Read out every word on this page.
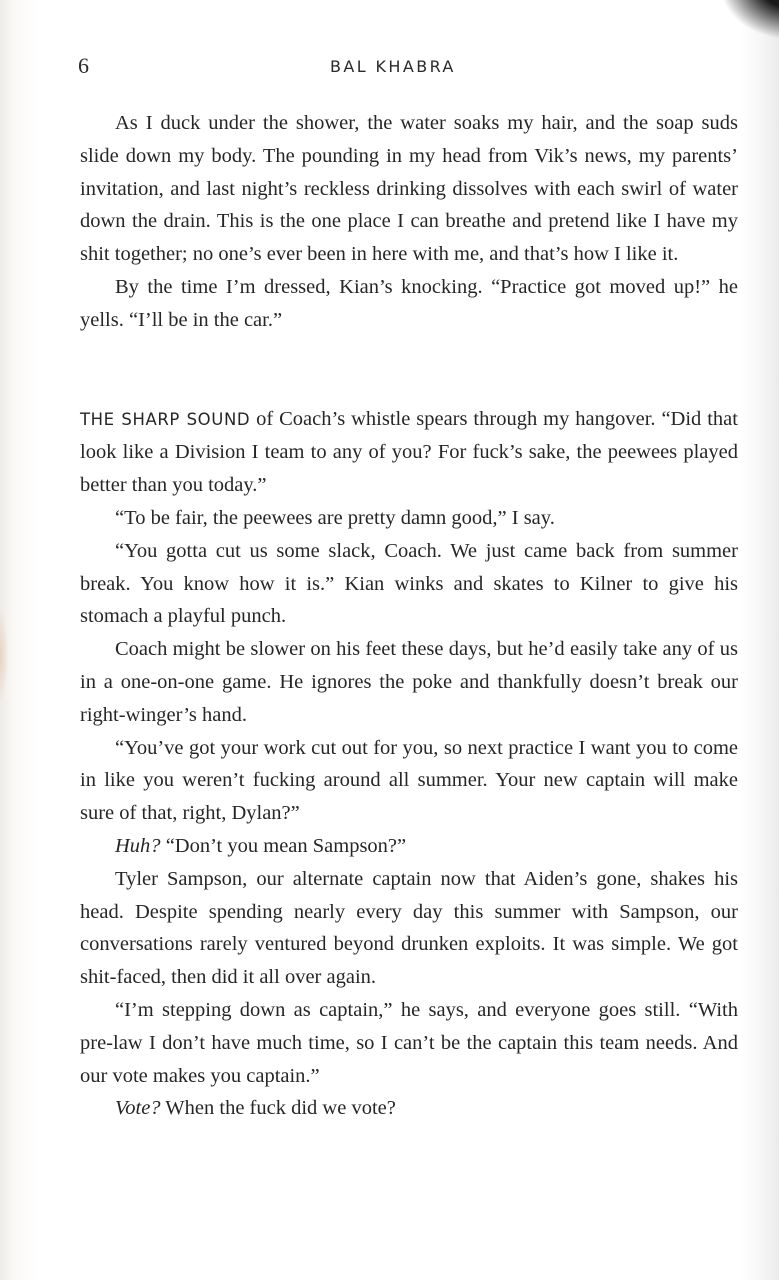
6	BAL KHABRA

As I duck under the shower, the water soaks my hair, and the soap suds slide down my body. The pounding in my head from Vik’s news, my parents’ invitation, and last night’s reckless drinking dissolves with each swirl of water down the drain. This is the one place I can breathe and pretend like I have my shit together; no one’s ever been in here with me, and that’s how I like it.

By the time I’m dressed, Kian’s knocking. “Practice got moved up!” he yells. “I’ll be in the car.”

THE SHARP SOUND of Coach’s whistle spears through my hangover. “Did that look like a Division I team to any of you? For fuck’s sake, the peewees played better than you today.”

“To be fair, the peewees are pretty damn good,” I say.

“You gotta cut us some slack, Coach. We just came back from summer break. You know how it is.” Kian winks and skates to Kilner to give his stomach a playful punch.

Coach might be slower on his feet these days, but he’d easily take any of us in a one-on-one game. He ignores the poke and thankfully doesn’t break our right-winger’s hand.

“You’ve got your work cut out for you, so next practice I want you to come in like you weren’t fucking around all summer. Your new captain will make sure of that, right, Dylan?”

Huh? “Don’t you mean Sampson?”

Tyler Sampson, our alternate captain now that Aiden’s gone, shakes his head. Despite spending nearly every day this summer with Sampson, our conversations rarely ventured beyond drunken exploits. It was simple. We got shit-faced, then did it all over again.

“I’m stepping down as captain,” he says, and everyone goes still. “With pre-law I don’t have much time, so I can’t be the captain this team needs. And our vote makes you captain.”

Vote? When the fuck did we vote?
